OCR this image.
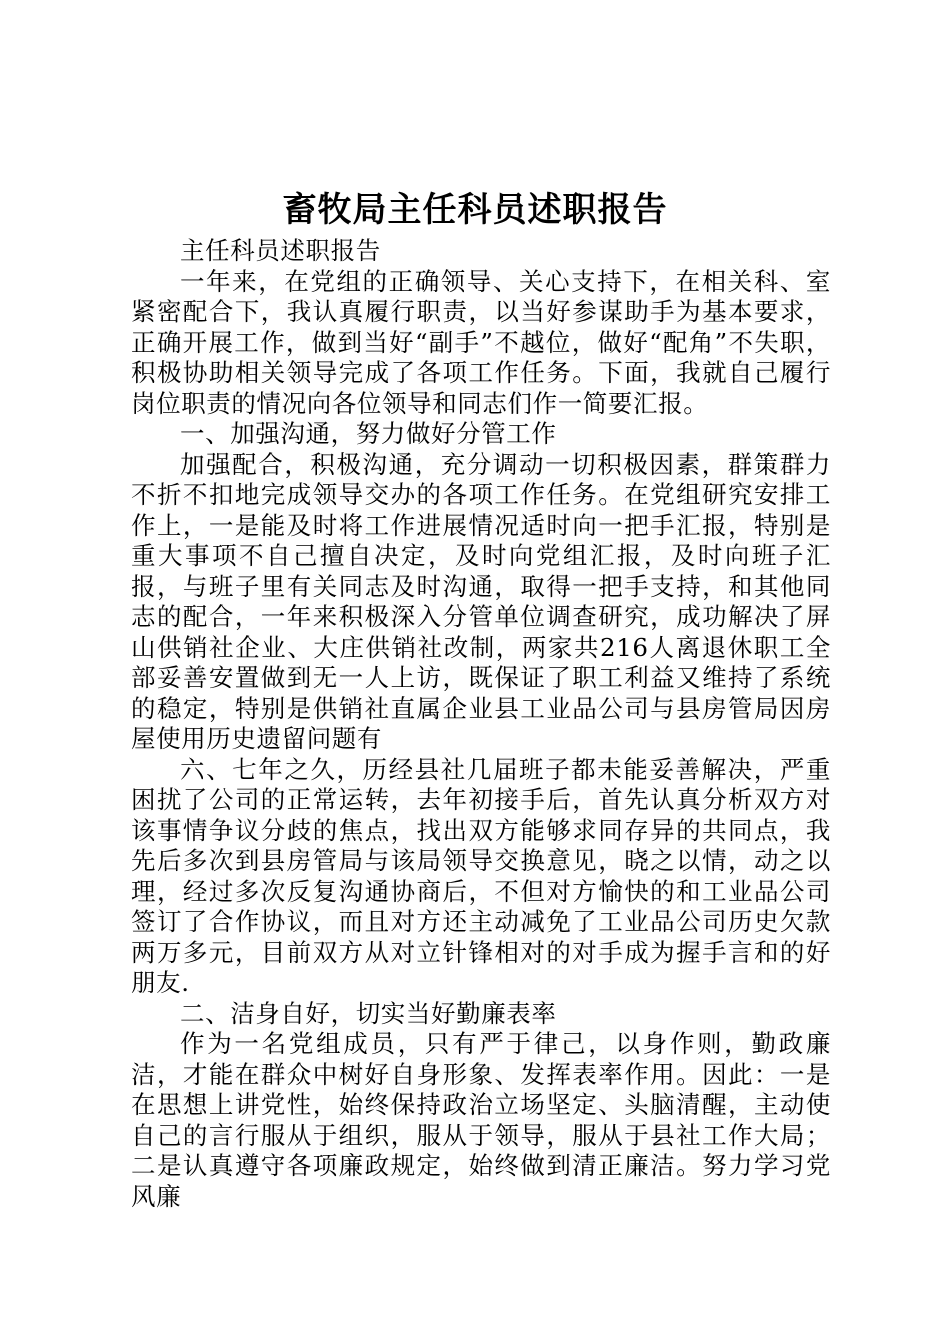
畜牧局主任科员述职报告

主任科员述职报告

一年来，在党组的正确领导、关心支持下，在相关科、室紧密配合下，我认真履行职责，以当好参谋助手为基本要求，正确开展工作，做到当好“副手”不越位，做好“配角”不失职，积极协助相关领导完成了各项工作任务。下面，我就自己履行岗位职责的情况向各位领导和同志们作一简要汇报。

一、加强沟通，努力做好分管工作

加强配合，积极沟通，充分调动一切积极因素，群策群力不折不扣地完成领导交办的各项工作任务。在党组研究安排工作上，一是能及时将工作进展情况适时向一把手汇报，特别是重大事项不自己擅自决定，及时向党组汇报，及时向班子汇报，与班子里有关同志及时沟通，取得一把手支持，和其他同志的配合，一年来积极深入分管单位调查研究，成功解决了屏山供销社企业、大庄供销社改制，两家共216人离退休职工全部妥善安置做到无一人上访，既保证了职工利益又维持了系统的稳定，特别是供销社直属企业县工业品公司与县房管局因房屋使用历史遗留问题有

六、七年之久，历经县社几届班子都未能妥善解决，严重困扰了公司的正常运转，去年初接手后，首先认真分析双方对该事情争议分歧的焦点，找出双方能够求同存异的共同点，我先后多次到县房管局与该局领导交换意见，晓之以情，动之以理，经过多次反复沟通协商后，不但对方愉快的和工业品公司签订了合作协议，而且对方还主动减免了工业品公司历史欠款两万多元，目前双方从对立针锋相对的对手成为握手言和的好朋友.

二、洁身自好，切实当好勤廉表率

作为一名党组成员，只有严于律己，以身作则，勤政廉洁，才能在群众中树好自身形象、发挥表率作用。因此：一是在思想上讲党性，始终保持政治立场坚定、头脑清醒，主动使自己的言行服从于组织，服从于领导，服从于县社工作大局；二是认真遵守各项廉政规定，始终做到清正廉洁。努力学习党风廉
